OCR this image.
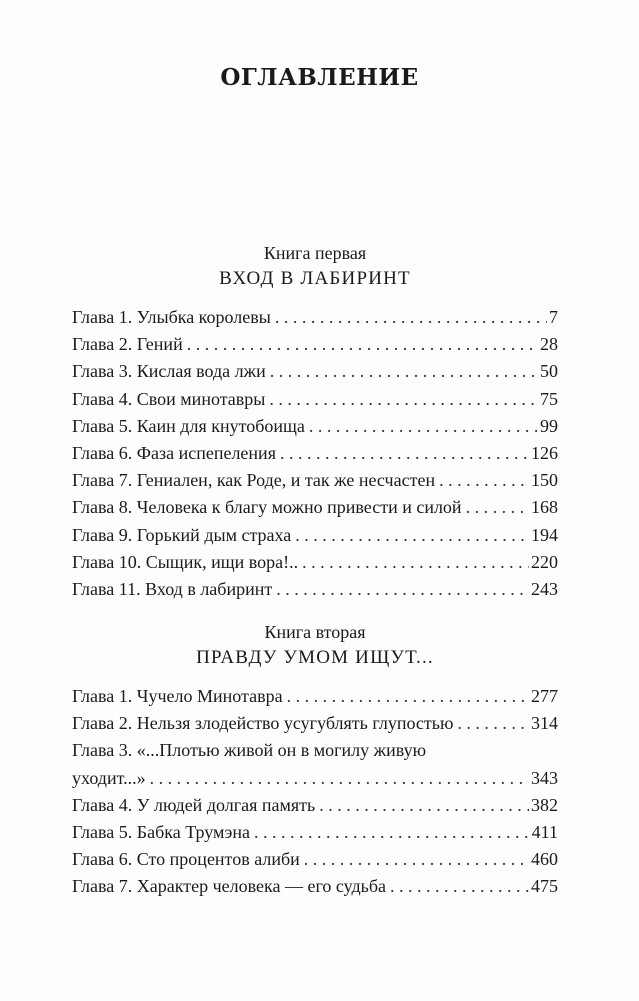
ОГЛАВЛЕНИЕ

Книга первая

ВХОД В ЛАБИРИНТ

Глава 1. Улыбка королевы . . .	7
Глава 2. Гений . . .	28
Глава 3. Кислая вода лжи . . .	50
Глава 4. Свои минотавры . . .	75
Глава 5. Каин для кнутобоища . . .	99
Глава 6. Фаза испепеления . . .	126
Глава 7. Гениален, как Роде, и так же несчастен . . .	150
Глава 8. Человека к благу можно привести и силой . . .	168
Глава 9. Горький дым страха . . .	194
Глава 10. Сыщик, ищи вора!.. . . .	220
Глава 11. Вход в лабиринт . . .	243

Книга вторая

ПРАВДУ УМОМ ИЩУТ...

Глава 1. Чучело Минотавра . . .	277
Глава 2. Нельзя злодейство усугублять глупостью . . .	314
Глава 3. «...Плотью живой он в могилу живую
уходит...» . . .	343
Глава 4. У людей долгая память . . .	382
Глава 5. Бабка Трумэна . . .	411
Глава 6. Сто процентов алиби . . .	460
Глава 7. Характер человека — его судьба . . .	475
